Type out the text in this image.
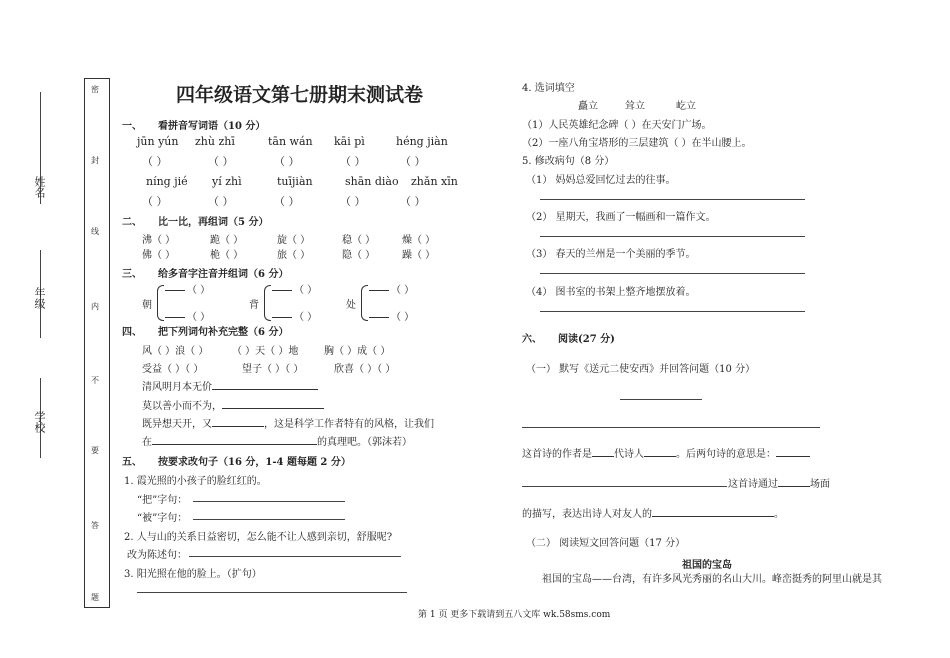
姓名
年级
学校
密
封
线
内
不
要
答
题
四年级语文第七册期末测试卷
一、 看拼音写词语（10 分）
jūn yún zhù zhī	tān wán kāi pì	héng jiàn
（ ）	（ ）	（ ）	（ ）	（ ）
níng jié yí zhì	tuījiàn	shān diào zhǎn xīn
（ ）	（ ）	（ ）	（ ）	（ ）
二、 比一比，再组词（5 分）
沸（ ）	跪（ ）	旋（ ）	稳（ ）	燥（ ）
佛（ ）	桅（ ）	旅（ ）	隐（ ）	躁（ ）
三、 给多音字注音并组词（6 分）
朝
（ ）
（ ）
背
（ ）
（ ）
处
（ ）
（ ）
四、 把下列词句补充完整（6 分）
风（ ）浪（ ） （ ）天（ ）地	胸（ ）成（ ）
受益（ ）（ ）	望子（ ）（ ）	欣喜（ ）（ ）
清风明月本无价
莫以善小而不为，
既异想天开，又	，这是科学工作者特有的风格，让我们
在	的真理吧。（郭沫若）
五、 按要求改句子（16 分，1-4 题每题 2 分）
1. 霞光照的小孩子的脸红红的。
“把”字句：
“被”字句：
2. 人与山的关系日益密切，怎么能不让人感到亲切，舒服呢?
改为陈述句：
3. 阳光照在他的脸上。（扩句）
4. 选词填空
矗立	耸立	屹立
（1）人民英雄纪念碑（ ）在天安门广场。
（2）一座八角宝塔形的三层建筑（ ）在半山腰上。
5. 修改病句（8 分）
（1） 妈妈总爱回忆过去的往事。
（2） 星期天，我画了一幅画和一篇作文。
（3） 春天的兰州是一个美丽的季节。
（4） 图书室的书架上整齐地摆放着。
六、 阅读(27 分)
（一） 默写《送元二使安西》并回答问题（10 分）
这首诗的作者是 代诗人	。后两句诗的意思是：
这首诗通过	场面
的描写，表达出诗人对友人的	。
（二） 阅读短文回答问题（17 分）
祖国的宝岛
祖国的宝岛——台湾，有许多风光秀丽的名山大川。峰峦挺秀的阿里山就是其
第 1 页 更多下载请到五八文库 wk.58sms.com
